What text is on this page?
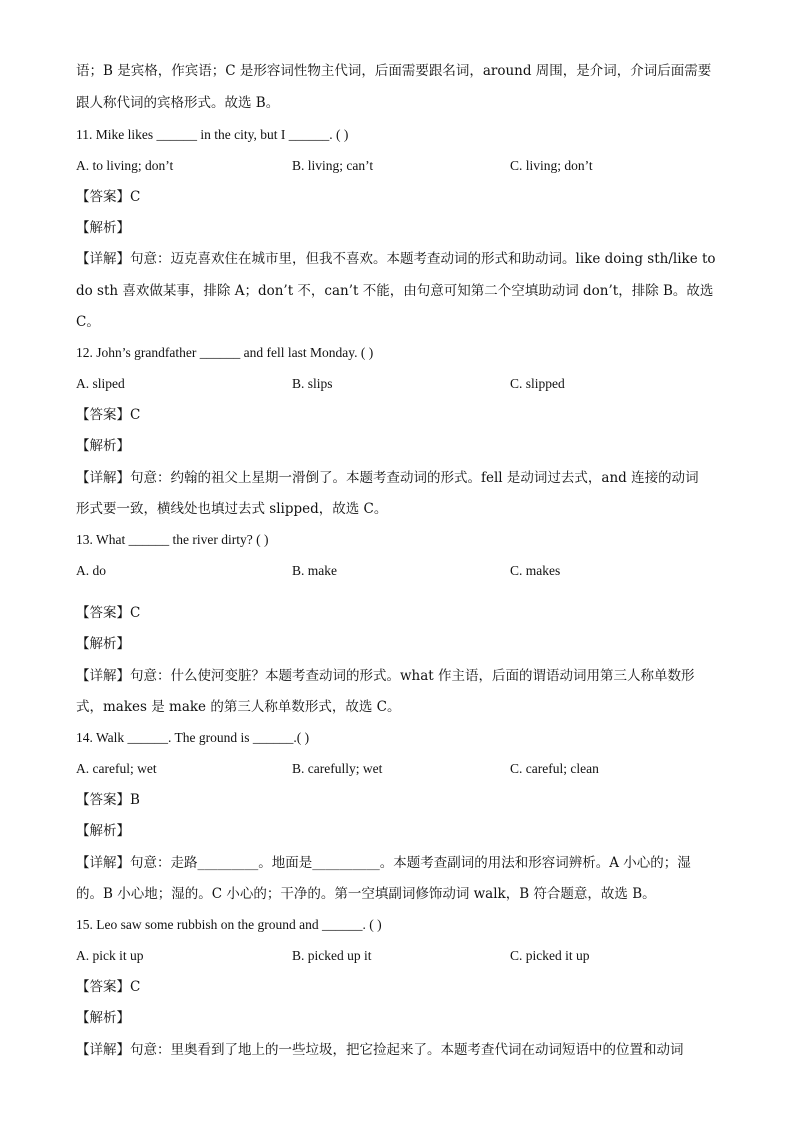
语；B 是宾格，作宾语；C 是形容词性物主代词，后面需要跟名词，around 周围，是介词，介词后面需要
跟人称代词的宾格形式。故选 B。
11. Mike likes ______ in the city, but I ______. ( )
A. to living; don’t	B. living; can’t	C. living; don’t
【答案】C
【解析】
【详解】句意：迈克喜欢住在城市里，但我不喜欢。本题考查动词的形式和助动词。like doing sth/like to
do sth 喜欢做某事，排除 A；don’t 不，can’t 不能，由句意可知第二个空填助动词 don’t，排除 B。故选
C。
12. John’s grandfather ______ and fell last Monday. ( )
A. sliped	B. slips	C. slipped
【答案】C
【解析】
【详解】句意：约翰的祖父上星期一滑倒了。本题考查动词的形式。fell 是动词过去式，and 连接的动词
形式要一致，横线处也填过去式 slipped，故选 C。
13. What ______ the river dirty? ( )
A. do	B. make	C. makes
【答案】C
【解析】
【详解】句意：什么使河变脏？本题考查动词的形式。what 作主语，后面的谓语动词用第三人称单数形
式，makes 是 make 的第三人称单数形式，故选 C。
14. Walk ______. The ground is ______.( )
A. careful; wet	B. carefully; wet	C. careful; clean
【答案】B
【解析】
【详解】句意：走路_________。地面是__________。本题考查副词的用法和形容词辨析。A 小心的；湿
的。B 小心地；湿的。C 小心的；干净的。第一空填副词修饰动词 walk，B 符合题意，故选 B。
15. Leo saw some rubbish on the ground and ______. ( )
A. pick it up	B. picked up it	C. picked it up
【答案】C
【解析】
【详解】句意：里奥看到了地上的一些垃圾，把它捡起来了。本题考查代词在动词短语中的位置和动词
